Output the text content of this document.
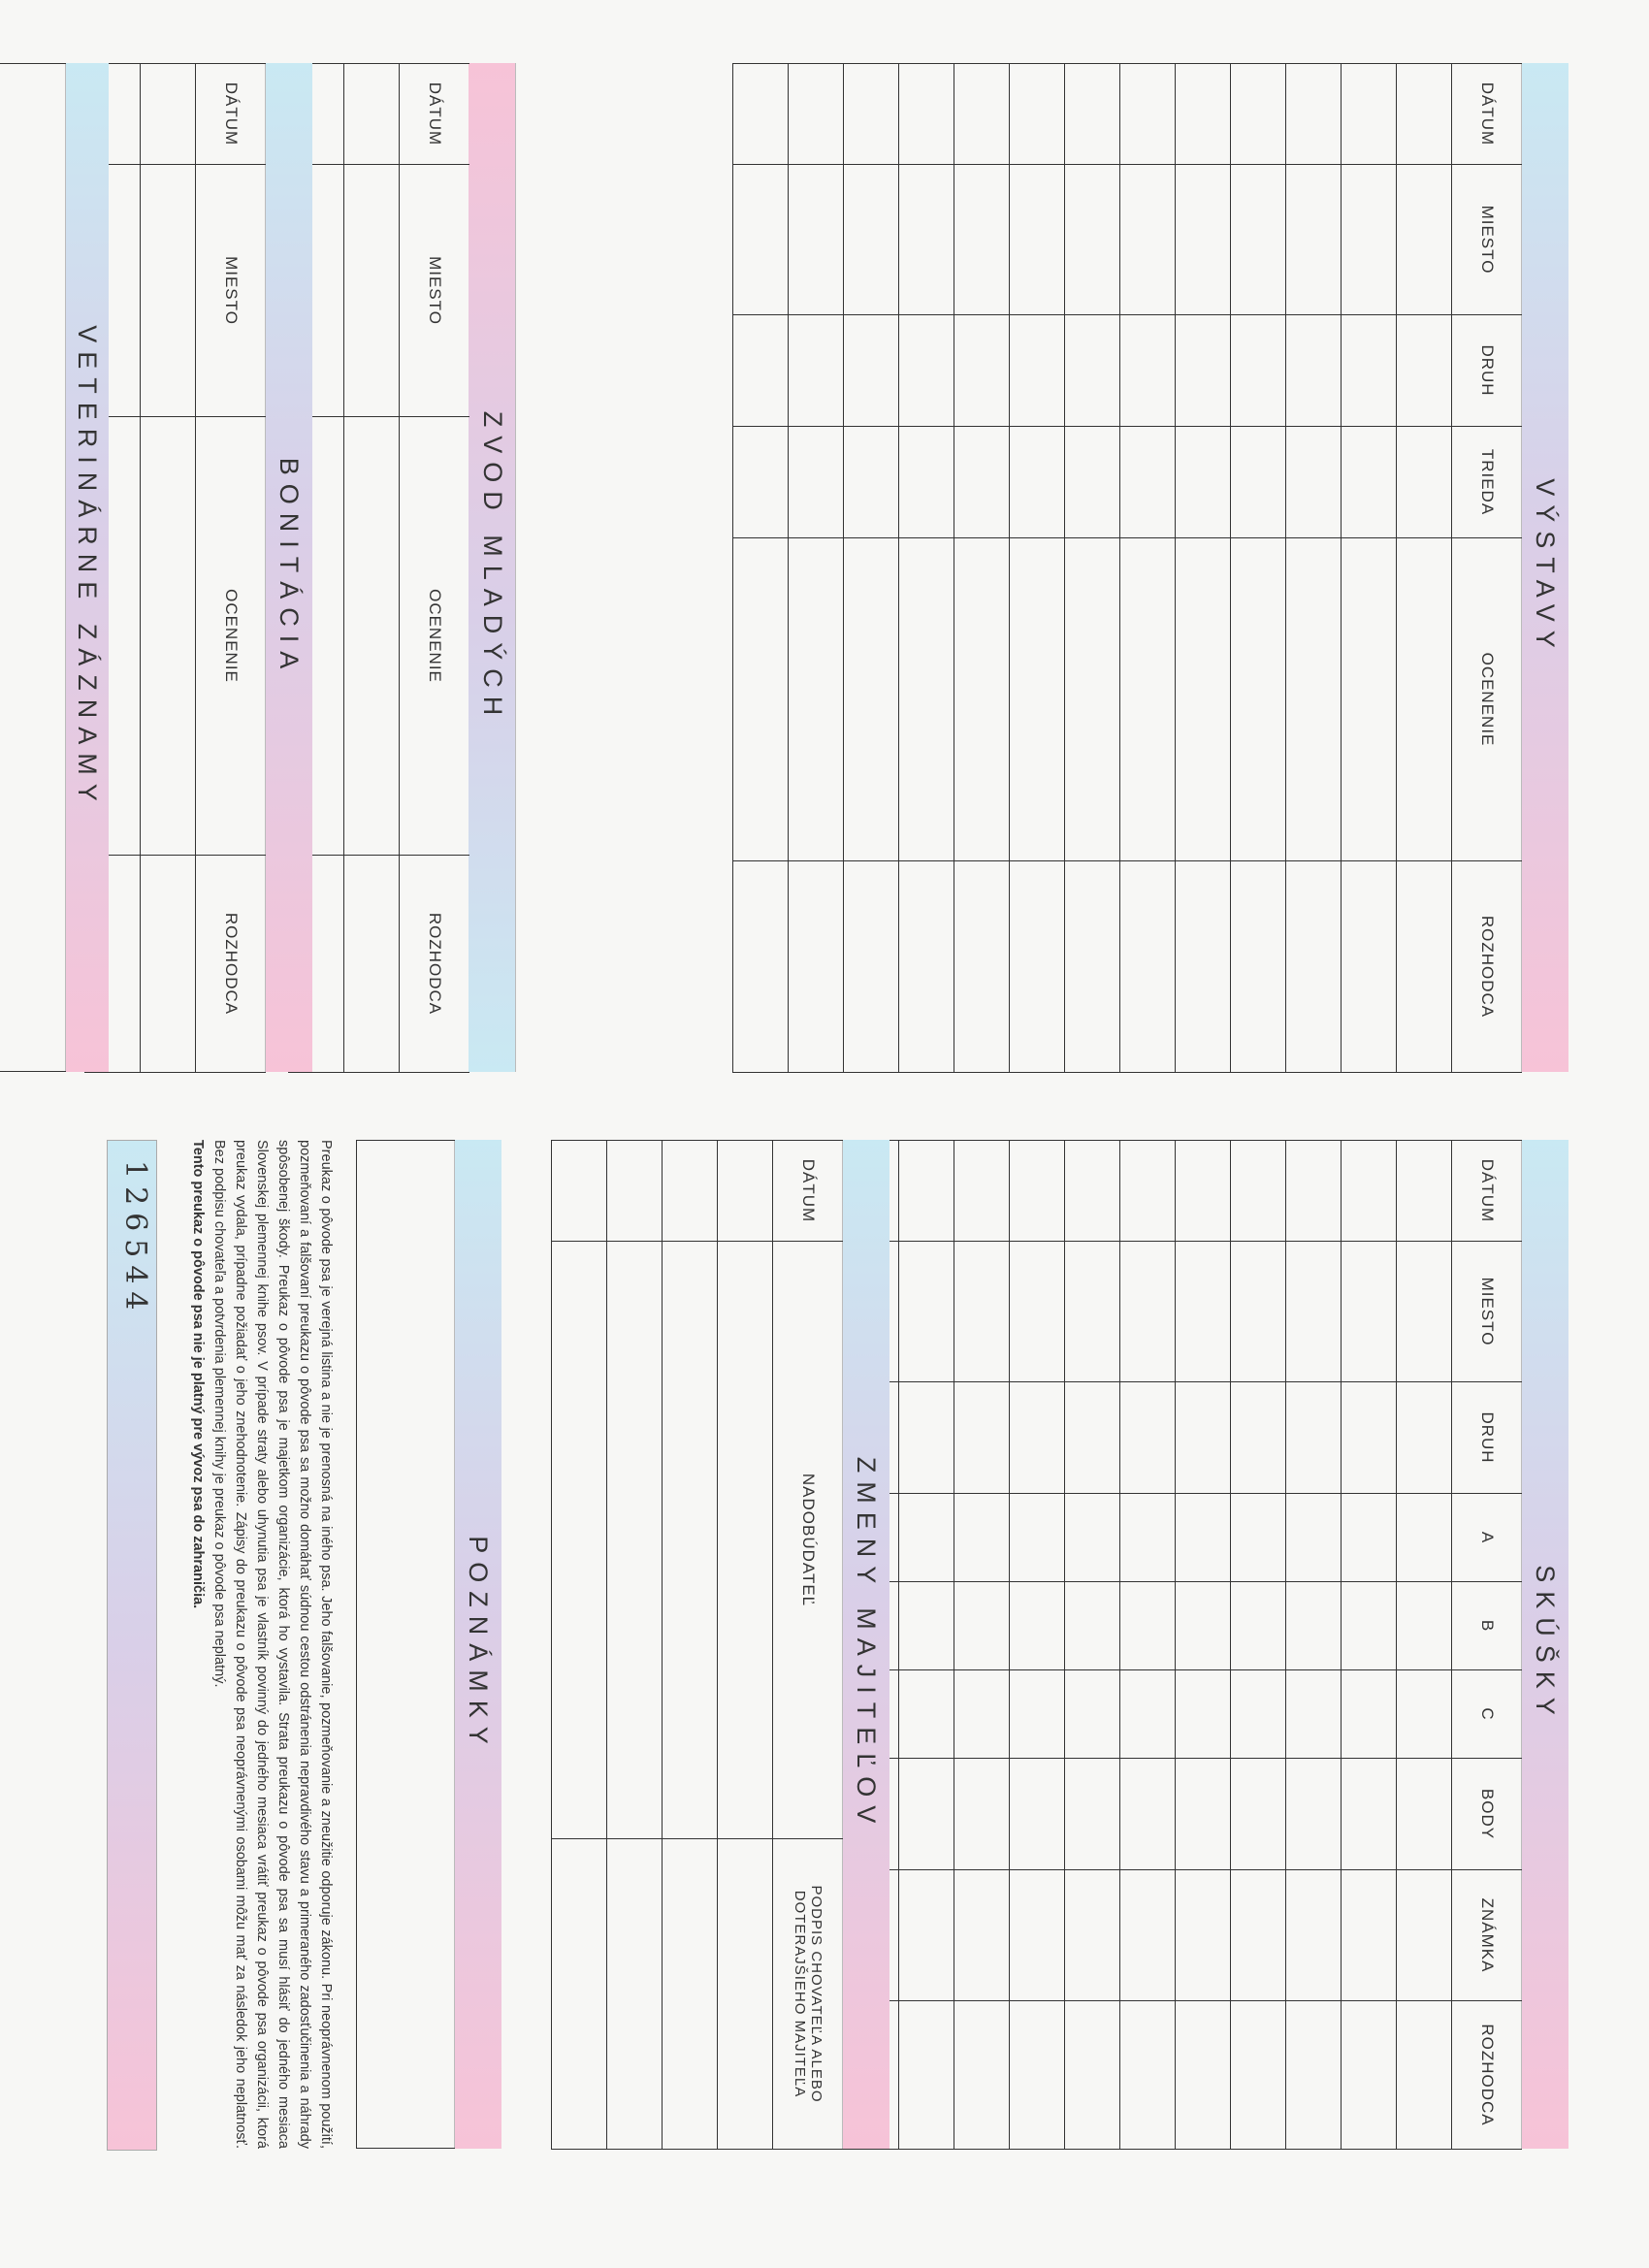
VÝSTAVY
DÁTUM	MIESTO	DRUH	TRIEDA	OCENENIE	ROZHODCA

ZVOD MLADÝCH
DÁTUM	MIESTO	OCENENIE	ROZHODCA

BONITÁCIA
DÁTUM	MIESTO	OCENENIE	ROZHODCA

VETERINÁRNE ZÁZNAMY
SKÚŠKY
DÁTUM	MIESTO	DRUH	A	B	C	BODY	ZNÁMKA	ROZHODCA

ZMENY MAJITEĽOV
DÁTUM	NADOBÚDATEĽ	PODPIS CHOVATEĽA ALEBO DOTERAJŠIEHO MAJITEĽA

POZNÁMKY
Preukaz o pôvode psa je verejná listina a nie je prenosná na iného psa. Jeho falšovanie, pozmeňovanie a zneužitie odporuje zákonu. Pri neoprávnenom použití, pozmeňovaní a falšovaní preukazu o pôvode psa sa možno domáhať súdnou cestou odstránenia nepravdivého stavu a primeraného zadosťučinenia a náhrady spôsobenej škody. Preukaz o pôvode psa je majetkom organizácie, ktorá ho vystavila. Strata preukazu o pôvode psa sa musí hlásiť do jedného mesiaca Slovenskej plemennej knihe psov. V prípade straty alebo uhynutia psa je vlastník povinný do jedného mesiaca vrátiť preukaz o pôvode psa organizácii, ktorá preukaz vydala, prípadne požiadať o jeho znehodnotenie. Zápisy do preukazu o pôvode psa neoprávnenými osobami môžu mať za následok jeho neplatnosť. Bez podpisu chovateľa a potvrdenia plemennej knihy je preukaz o pôvode psa neplatný.
Tento preukaz o pôvode psa nie je platný pre vývoz psa do zahraničia.
126544
